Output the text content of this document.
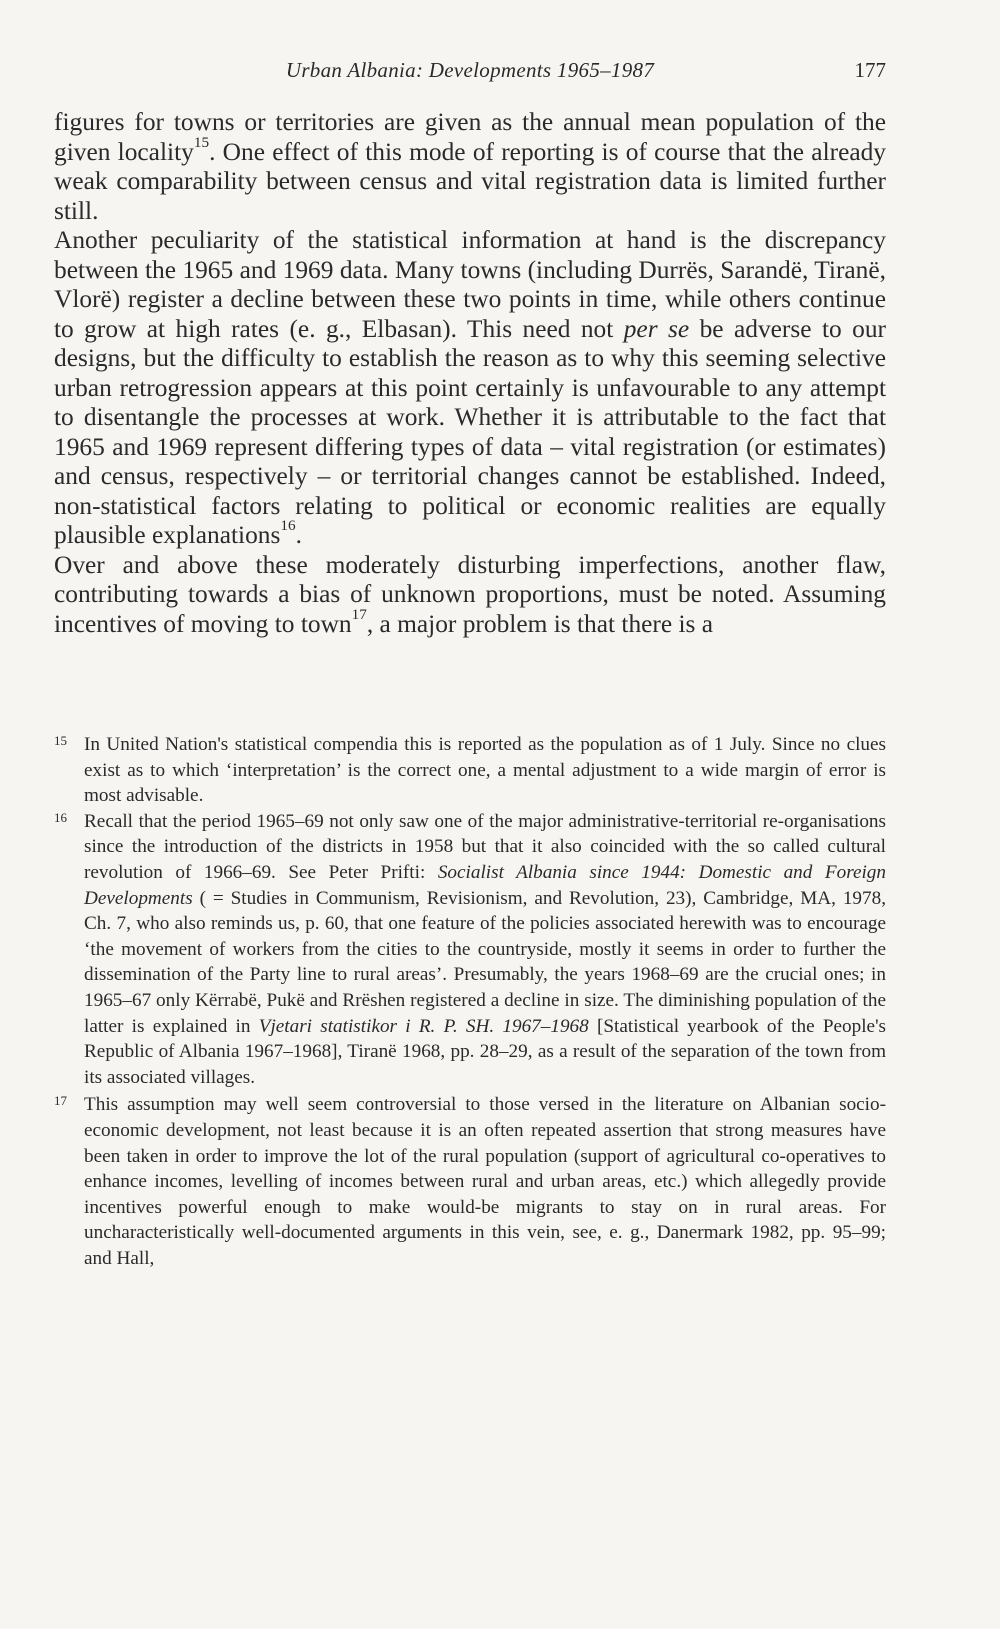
Urban Albania: Developments 1965–1987	177

figures for towns or territories are given as the annual mean population of the given locality$^{15}$. One effect of this mode of reporting is of course that the already weak comparability between census and vital registration data is limited further still.

Another peculiarity of the statistical information at hand is the discrepancy between the 1965 and 1969 data. Many towns (including Durrës, Sarandë, Tiranë, Vlorë) register a decline between these two points in time, while others continue to grow at high rates (e. g., Elbasan). This need not per se be adverse to our designs, but the difficulty to establish the reason as to why this seeming selective urban retrogression appears at this point certainly is unfavourable to any attempt to disentangle the processes at work. Whether it is attributable to the fact that 1965 and 1969 represent differing types of data – vital registration (or estimates) and census, respectively – or territorial changes cannot be established. Indeed, non-statistical factors relating to political or economic realities are equally plausible explanations$^{16}$.

Over and above these moderately disturbing imperfections, another flaw, contributing towards a bias of unknown proportions, must be noted. Assuming incentives of moving to town$^{17}$, a major problem is that there is a

15 In United Nation's statistical compendia this is reported as the population as of 1 July. Since no clues exist as to which ‘interpretation’ is the correct one, a mental adjustment to a wide margin of error is most advisable.

16 Recall that the period 1965–69 not only saw one of the major administrative-territorial re-organisations since the introduction of the districts in 1958 but that it also coincided with the so called cultural revolution of 1966–69. See Peter Prifti: Socialist Albania since 1944: Domestic and Foreign Developments ( = Studies in Communism, Revisionism, and Revolution, 23), Cambridge, MA, 1978, Ch. 7, who also reminds us, p. 60, that one feature of the policies associated herewith was to encourage ‘the movement of workers from the cities to the countryside, mostly it seems in order to further the dissemination of the Party line to rural areas’. Presumably, the years 1968–69 are the crucial ones; in 1965–67 only Kërrabë, Pukë and Rrëshen registered a decline in size. The diminishing population of the latter is explained in Vjetari statistikor i R. P. SH. 1967–1968 [Statistical yearbook of the People's Republic of Albania 1967–1968], Tiranë 1968, pp. 28–29, as a result of the separation of the town from its associated villages.

17 This assumption may well seem controversial to those versed in the literature on Albanian socio-economic development, not least because it is an often repeated assertion that strong measures have been taken in order to improve the lot of the rural population (support of agricultural co-operatives to enhance incomes, levelling of incomes between rural and urban areas, etc.) which allegedly provide incentives powerful enough to make would-be migrants to stay on in rural areas. For uncharacteristically well-documented arguments in this vein, see, e. g., Danermark 1982, pp. 95–99; and Hall,
